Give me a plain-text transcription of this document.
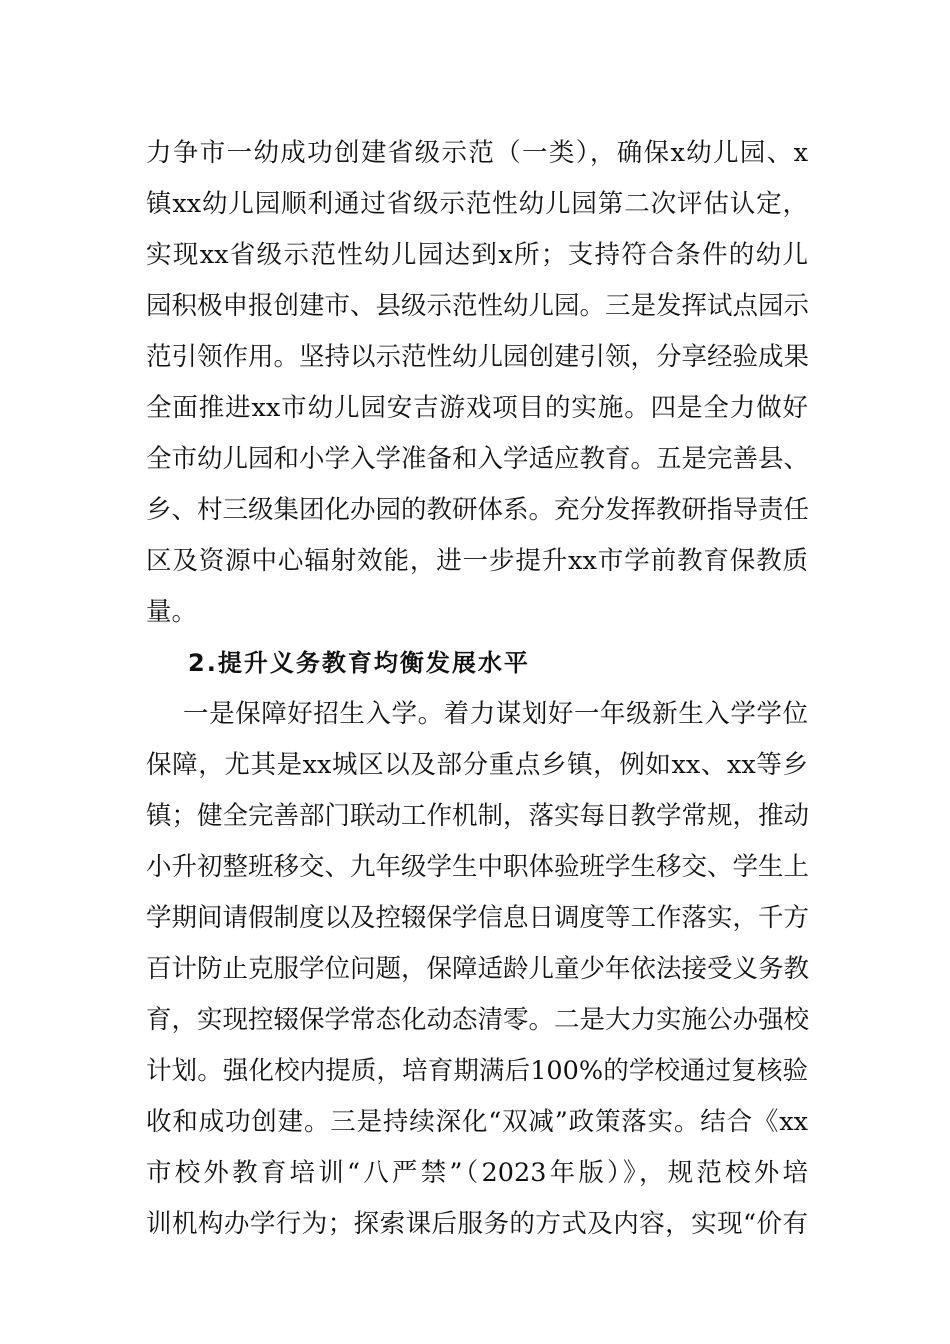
力争市一幼成功创建省级示范（一类），确保x幼儿园、x
镇xx幼儿园顺利通过省级示范性幼儿园第二次评估认定，
实现xx省级示范性幼儿园达到x所；支持符合条件的幼儿
园积极申报创建市、县级示范性幼儿园。三是发挥试点园示
范引领作用。坚持以示范性幼儿园创建引领，分享经验成果
全面推进xx市幼儿园安吉游戏项目的实施。四是全力做好
全市幼儿园和小学入学准备和入学适应教育。五是完善县、
乡、村三级集团化办园的教研体系。充分发挥教研指导责任
区及资源中心辐射效能，进一步提升xx市学前教育保教质
量。
2.提升义务教育均衡发展水平
一是保障好招生入学。着力谋划好一年级新生入学学位
保障，尤其是xx城区以及部分重点乡镇，例如xx、xx等乡
镇；健全完善部门联动工作机制，落实每日教学常规，推动
小升初整班移交、九年级学生中职体验班学生移交、学生上
学期间请假制度以及控辍保学信息日调度等工作落实，千方
百计防止克服学位问题，保障适龄儿童少年依法接受义务教
育，实现控辍保学常态化动态清零。二是大力实施公办强校
计划。强化校内提质，培育期满后100%的学校通过复核验
收和成功创建。三是持续深化“双减”政策落实。结合《xx
市校外教育培训“八严禁”（2023年版）》，规范校外培
训机构办学行为；探索课后服务的方式及内容，实现“价有
